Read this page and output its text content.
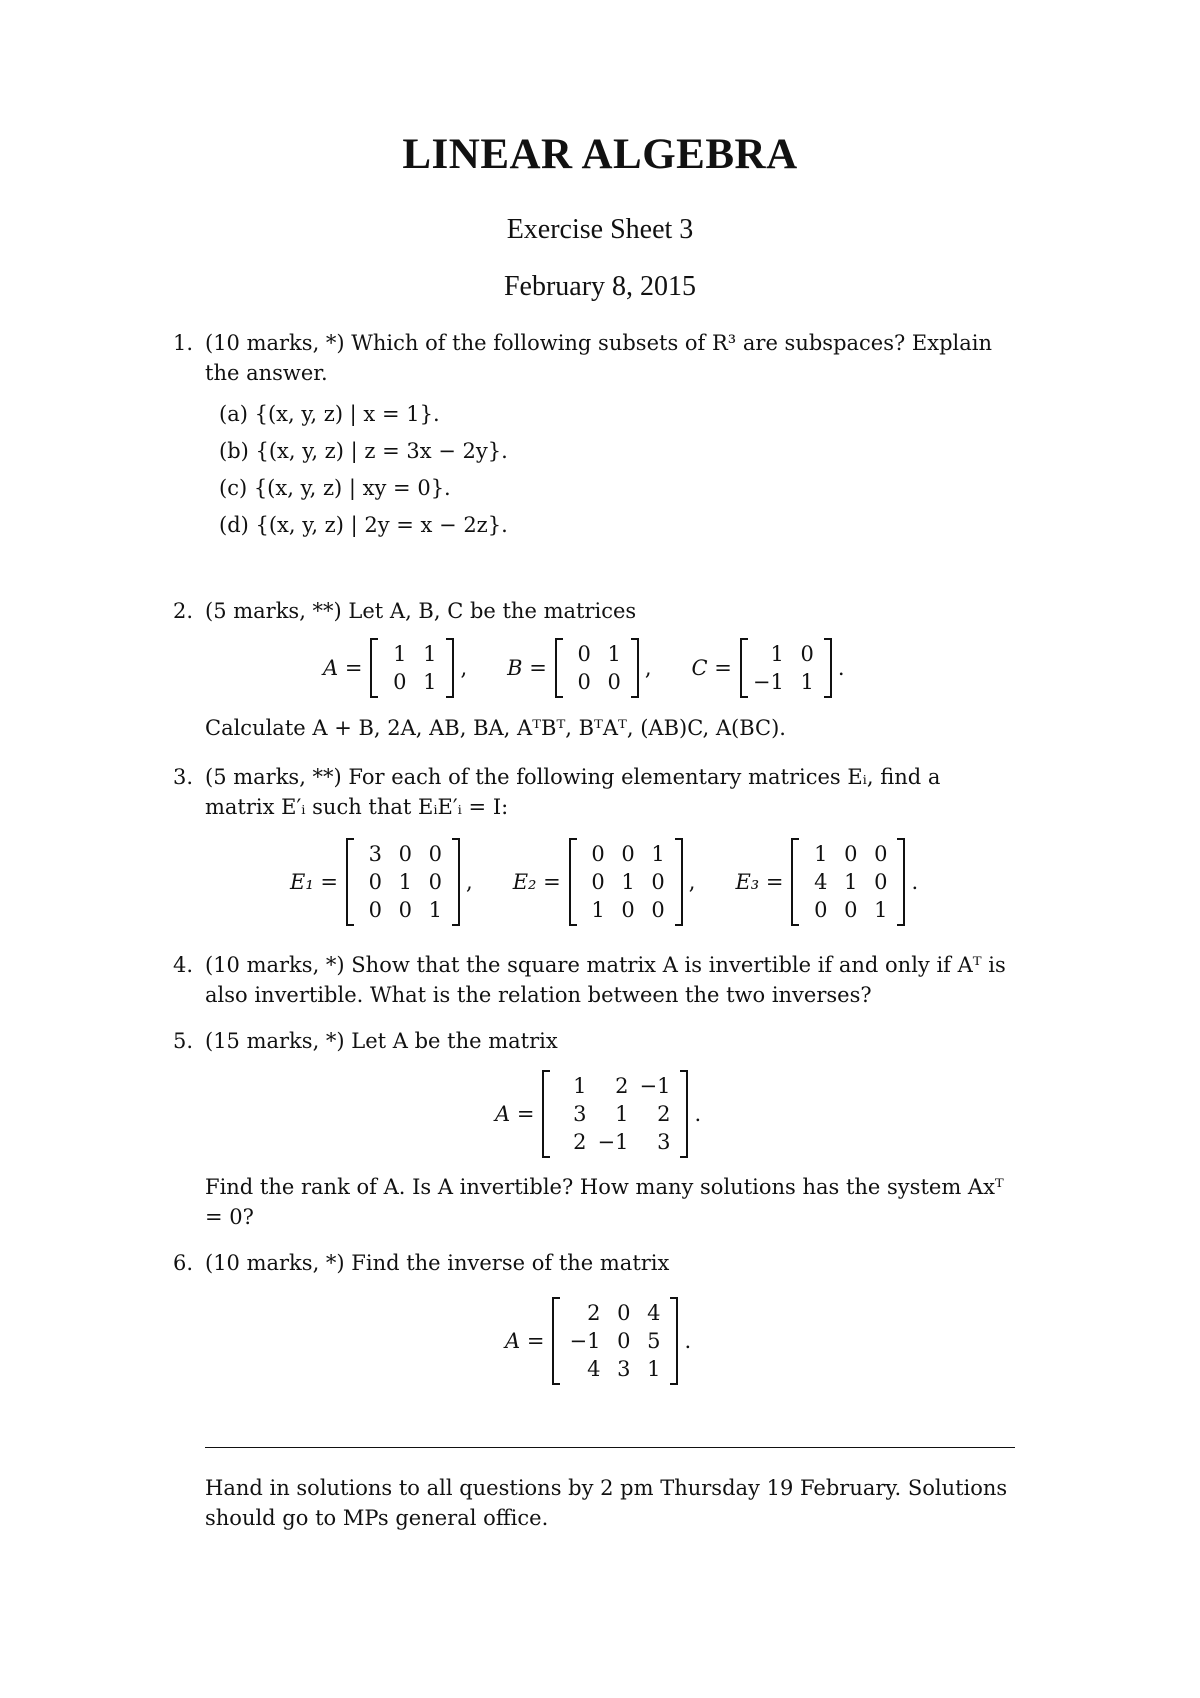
LINEAR ALGEBRA
Exercise Sheet 3
February 8, 2015
1. (10 marks, *) Which of the following subsets of R³ are subspaces? Explain the answer.
(a) {(x, y, z) | x = 1}.
(b) {(x, y, z) | z = 3x − 2y}.
(c) {(x, y, z) | xy = 0}.
(d) {(x, y, z) | 2y = x − 2z}.
2. (5 marks, **) Let A, B, C be the matrices
A =
1 1
0 1
, B =
0 1
0 0
, C =
1 0
−1 1
.
Calculate A + B, 2A, AB, BA, AᵀBᵀ, BᵀAᵀ, (AB)C, A(BC).
3. (5 marks, **) For each of the following elementary matrices Eᵢ, find a matrix E′ᵢ such that EᵢE′ᵢ = I:
E₁ =
3 0 0
0 1 0
0 0 1
, E₂ =
0 0 1
0 1 0
1 0 0
, E₃ =
1 0 0
4 1 0
0 0 1
.
4. (10 marks, *) Show that the square matrix A is invertible if and only if Aᵀ is also invertible. What is the relation between the two inverses?
5. (15 marks, *) Let A be the matrix
A =
1	2 −1
3	1	2
2 −1	3
.
Find the rank of A. Is A invertible? How many solutions has the system Axᵀ = 0?
6. (10 marks, *) Find the inverse of the matrix
A =
2 0 4
−1 0 5
4 3 1
.
Hand in solutions to all questions by 2 pm Thursday 19 February. Solutions should go to MPs general office.
